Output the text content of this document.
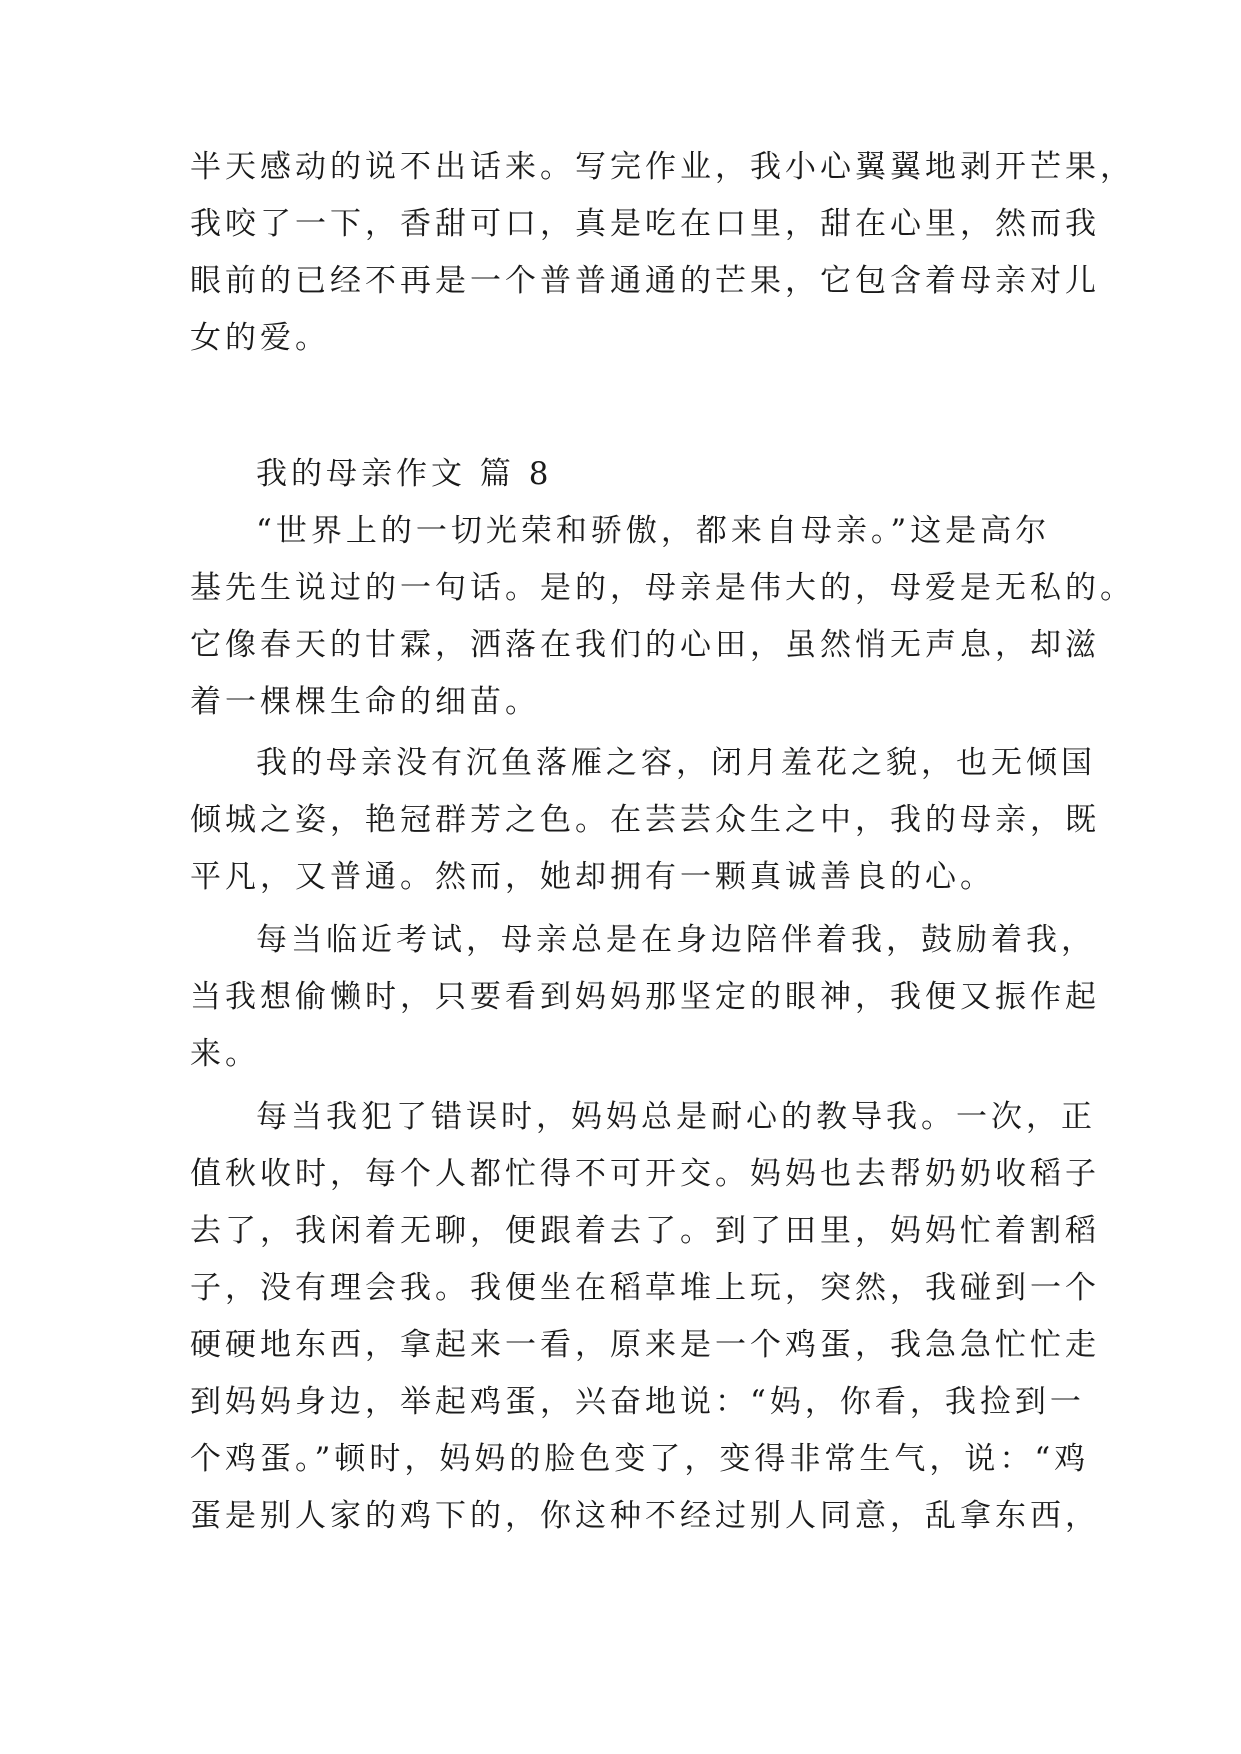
半天感动的说不出话来。写完作业，我小心翼翼地剥开芒果，
我咬了一下，香甜可口，真是吃在口里，甜在心里，然而我
眼前的已经不再是一个普普通通的芒果，它包含着母亲对儿
女的爱。
我的母亲作文 篇 8
“世界上的一切光荣和骄傲，都来自母亲。”这是高尔
基先生说过的一句话。是的，母亲是伟大的，母爱是无私的。
它像春天的甘霖，洒落在我们的心田，虽然悄无声息，却滋
着一棵棵生命的细苗。
我的母亲没有沉鱼落雁之容，闭月羞花之貌，也无倾国
倾城之姿，艳冠群芳之色。在芸芸众生之中，我的母亲，既
平凡，又普通。然而，她却拥有一颗真诚善良的心。
每当临近考试，母亲总是在身边陪伴着我，鼓励着我，
当我想偷懒时，只要看到妈妈那坚定的眼神，我便又振作起
来。
每当我犯了错误时，妈妈总是耐心的教导我。一次，正
值秋收时，每个人都忙得不可开交。妈妈也去帮奶奶收稻子
去了，我闲着无聊，便跟着去了。到了田里，妈妈忙着割稻
子，没有理会我。我便坐在稻草堆上玩，突然，我碰到一个
硬硬地东西，拿起来一看，原来是一个鸡蛋，我急急忙忙走
到妈妈身边，举起鸡蛋，兴奋地说：“妈，你看，我捡到一
个鸡蛋。”顿时，妈妈的脸色变了，变得非常生气，说：“鸡
蛋是别人家的鸡下的，你这种不经过别人同意，乱拿东西，
